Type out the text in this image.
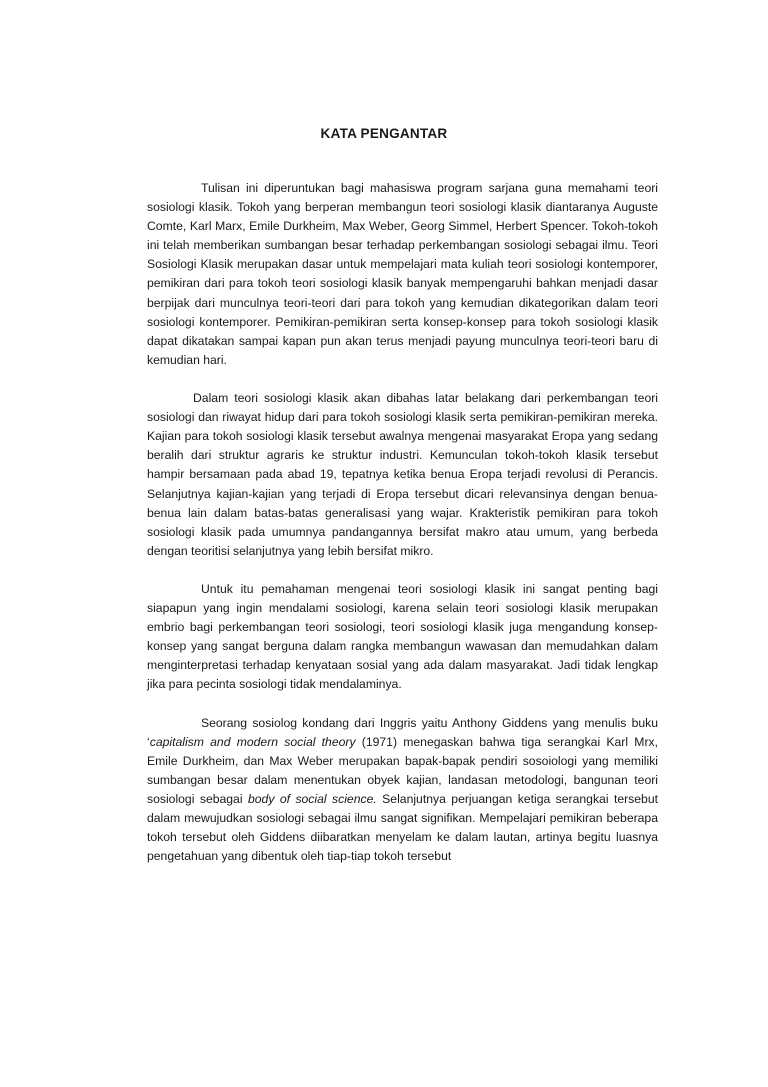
KATA PENGANTAR

Tulisan ini diperuntukan bagi mahasiswa program sarjana guna memahami teori sosiologi klasik. Tokoh yang berperan membangun teori sosiologi klasik diantaranya Auguste Comte, Karl Marx, Emile Durkheim, Max Weber, Georg Simmel, Herbert Spencer. Tokoh-tokoh ini telah memberikan sumbangan besar terhadap perkembangan sosiologi sebagai ilmu. Teori Sosiologi Klasik merupakan dasar untuk mempelajari mata kuliah teori sosiologi kontemporer, pemikiran dari para tokoh teori sosiologi klasik banyak mempengaruhi bahkan menjadi dasar berpijak dari munculnya teori-teori dari para tokoh yang kemudian dikategorikan dalam teori sosiologi kontemporer. Pemikiran-pemikiran serta konsep-konsep para tokoh sosiologi klasik dapat dikatakan sampai kapan pun akan terus menjadi payung munculnya teori-teori baru di kemudian hari.

Dalam teori sosiologi klasik akan dibahas latar belakang dari perkembangan teori sosiologi dan riwayat hidup dari para tokoh sosiologi klasik serta pemikiran-pemikiran mereka. Kajian para tokoh sosiologi klasik tersebut awalnya mengenai masyarakat Eropa yang sedang beralih dari struktur agraris ke struktur industri. Kemunculan tokoh-tokoh klasik tersebut hampir bersamaan pada abad 19, tepatnya ketika benua Eropa terjadi revolusi di Perancis. Selanjutnya kajian-kajian yang terjadi di Eropa tersebut dicari relevansinya dengan benua-benua lain dalam batas-batas generalisasi yang wajar. Krakteristik pemikiran para tokoh sosiologi klasik pada umumnya pandangannya bersifat makro atau umum, yang berbeda dengan teoritisi selanjutnya yang lebih bersifat mikro.

Untuk itu pemahaman mengenai teori sosiologi klasik ini sangat penting bagi siapapun yang ingin mendalami sosiologi, karena selain teori sosiologi klasik merupakan embrio bagi perkembangan teori sosiologi, teori sosiologi klasik juga mengandung konsep-konsep yang sangat berguna dalam rangka membangun wawasan dan memudahkan dalam menginterpretasi terhadap kenyataan sosial yang ada dalam masyarakat. Jadi tidak lengkap jika para pecinta sosiologi tidak mendalaminya.

Seorang sosiolog kondang dari Inggris yaitu Anthony Giddens yang menulis buku ‘capitalism and modern social theory (1971) menegaskan bahwa tiga serangkai Karl Mrx, Emile Durkheim, dan Max Weber merupakan bapak-bapak pendiri sosoiologi yang memiliki sumbangan besar dalam menentukan obyek kajian, landasan metodologi, bangunan teori sosiologi sebagai body of social science. Selanjutnya perjuangan ketiga serangkai tersebut dalam mewujudkan sosiologi sebagai ilmu sangat signifikan. Mempelajari pemikiran beberapa tokoh tersebut oleh Giddens diibaratkan menyelam ke dalam lautan, artinya begitu luasnya pengetahuan yang dibentuk oleh tiap-tiap tokoh tersebut
